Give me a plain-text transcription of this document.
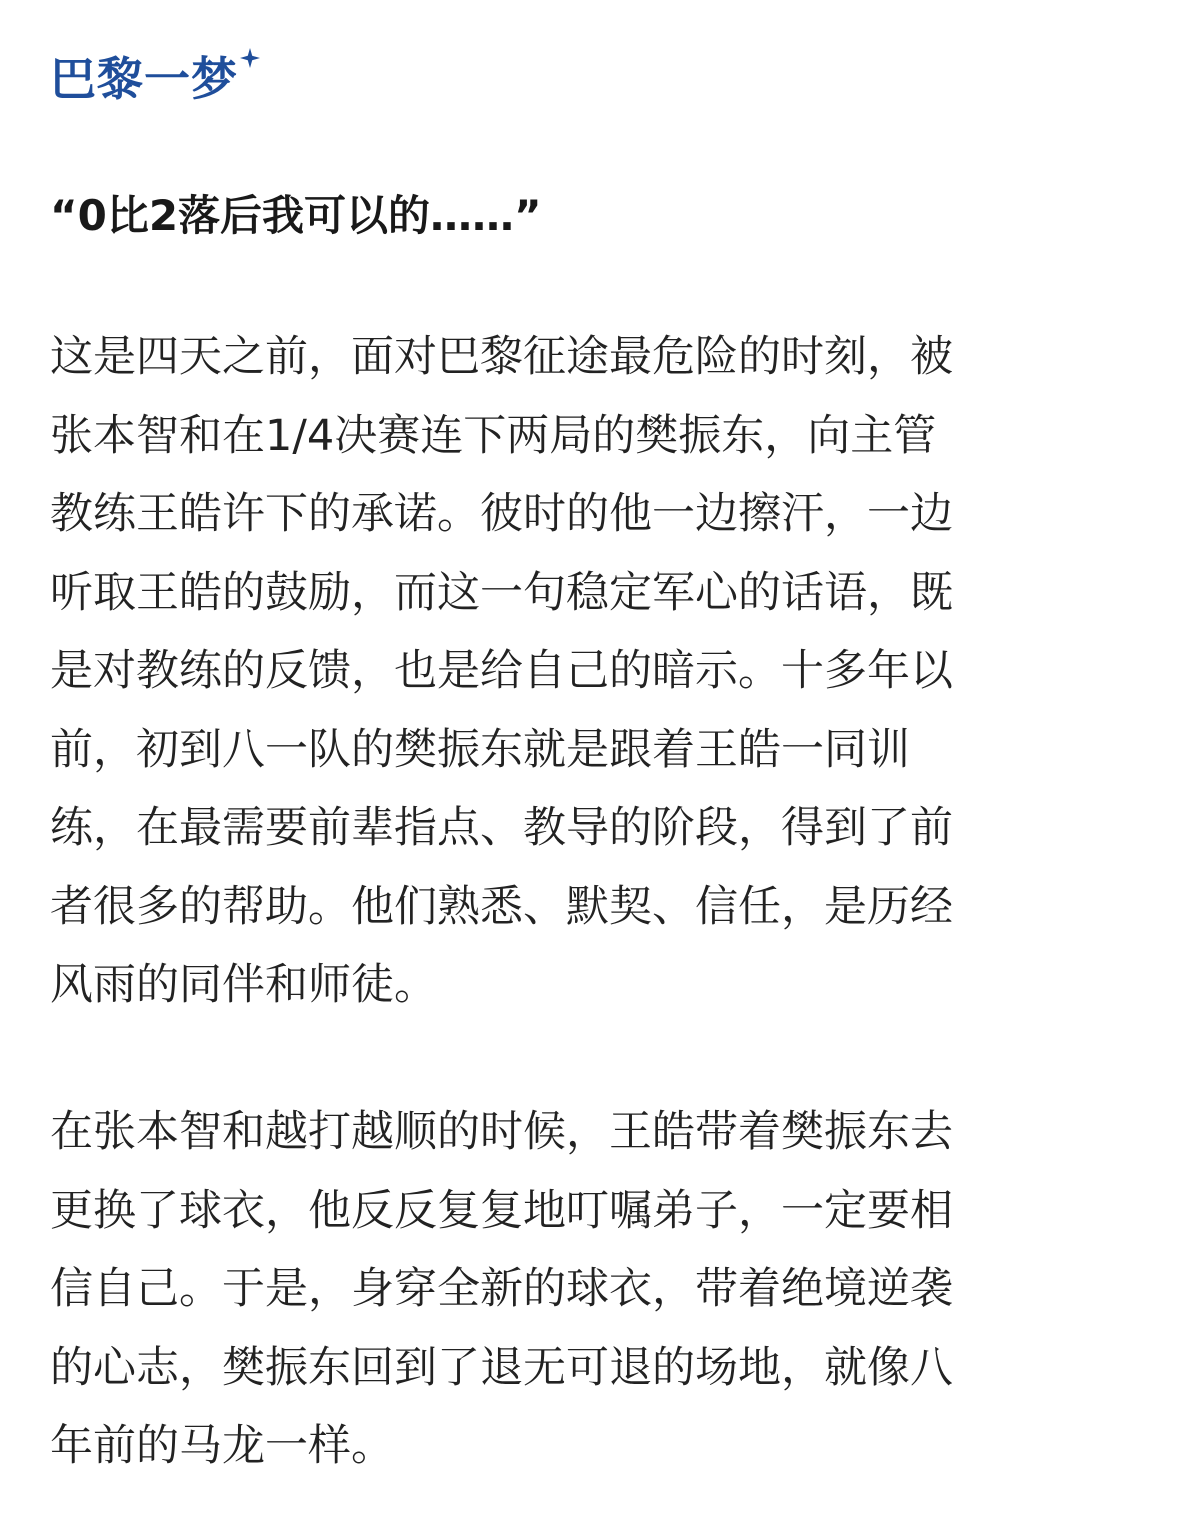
巴黎一梦
“0比2落后我可以的……”
这是四天之前，面对巴黎征途最危险的时刻，被
张本智和在1/4决赛连下两局的樊振东，向主管
教练王皓许下的承诺。彼时的他一边擦汗，一边
听取王皓的鼓励，而这一句稳定军心的话语，既
是对教练的反馈，也是给自己的暗示。十多年以
前，初到八一队的樊振东就是跟着王皓一同训
练，在最需要前辈指点、教导的阶段，得到了前
者很多的帮助。他们熟悉、默契、信任，是历经
风雨的同伴和师徒。
在张本智和越打越顺的时候，王皓带着樊振东去
更换了球衣，他反反复复地叮嘱弟子，一定要相
信自己。于是，身穿全新的球衣，带着绝境逆袭
的心志，樊振东回到了退无可退的场地，就像八
年前的马龙一样。
